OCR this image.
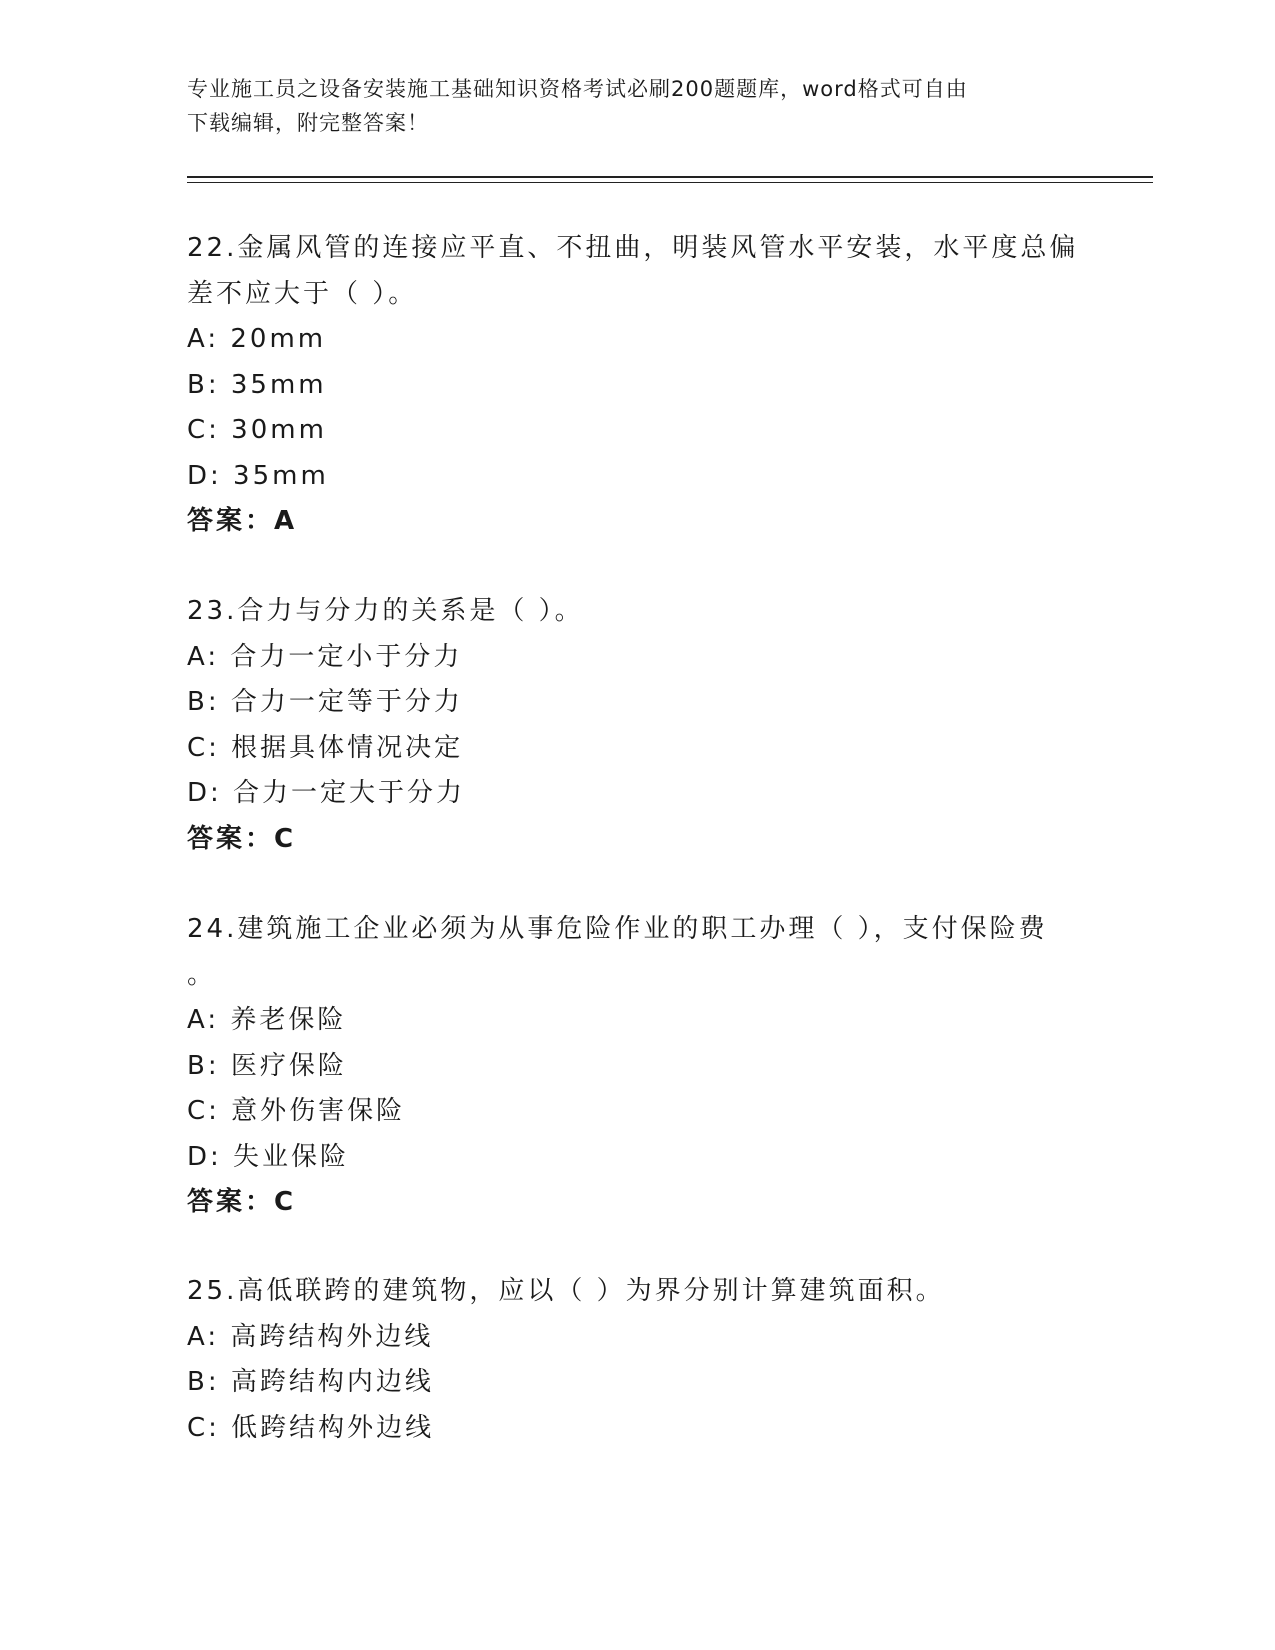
专业施工员之设备安装施工基础知识资格考试必刷200题题库，word格式可自由
下载编辑，附完整答案！
22.金属风管的连接应平直、不扭曲，明装风管水平安装，水平度总偏
差不应大于（ ）。
A: 20mm
B: 35mm
C: 30mm
D: 35mm
答案：A
23.合力与分力的关系是（ ）。
A: 合力一定小于分力
B: 合力一定等于分力
C: 根据具体情况决定
D: 合力一定大于分力
答案：C
24.建筑施工企业必须为从事危险作业的职工办理（ ），支付保险费
。
A: 养老保险
B: 医疗保险
C: 意外伤害保险
D: 失业保险
答案：C
25.高低联跨的建筑物，应以（ ）为界分别计算建筑面积。
A: 高跨结构外边线
B: 高跨结构内边线
C: 低跨结构外边线
